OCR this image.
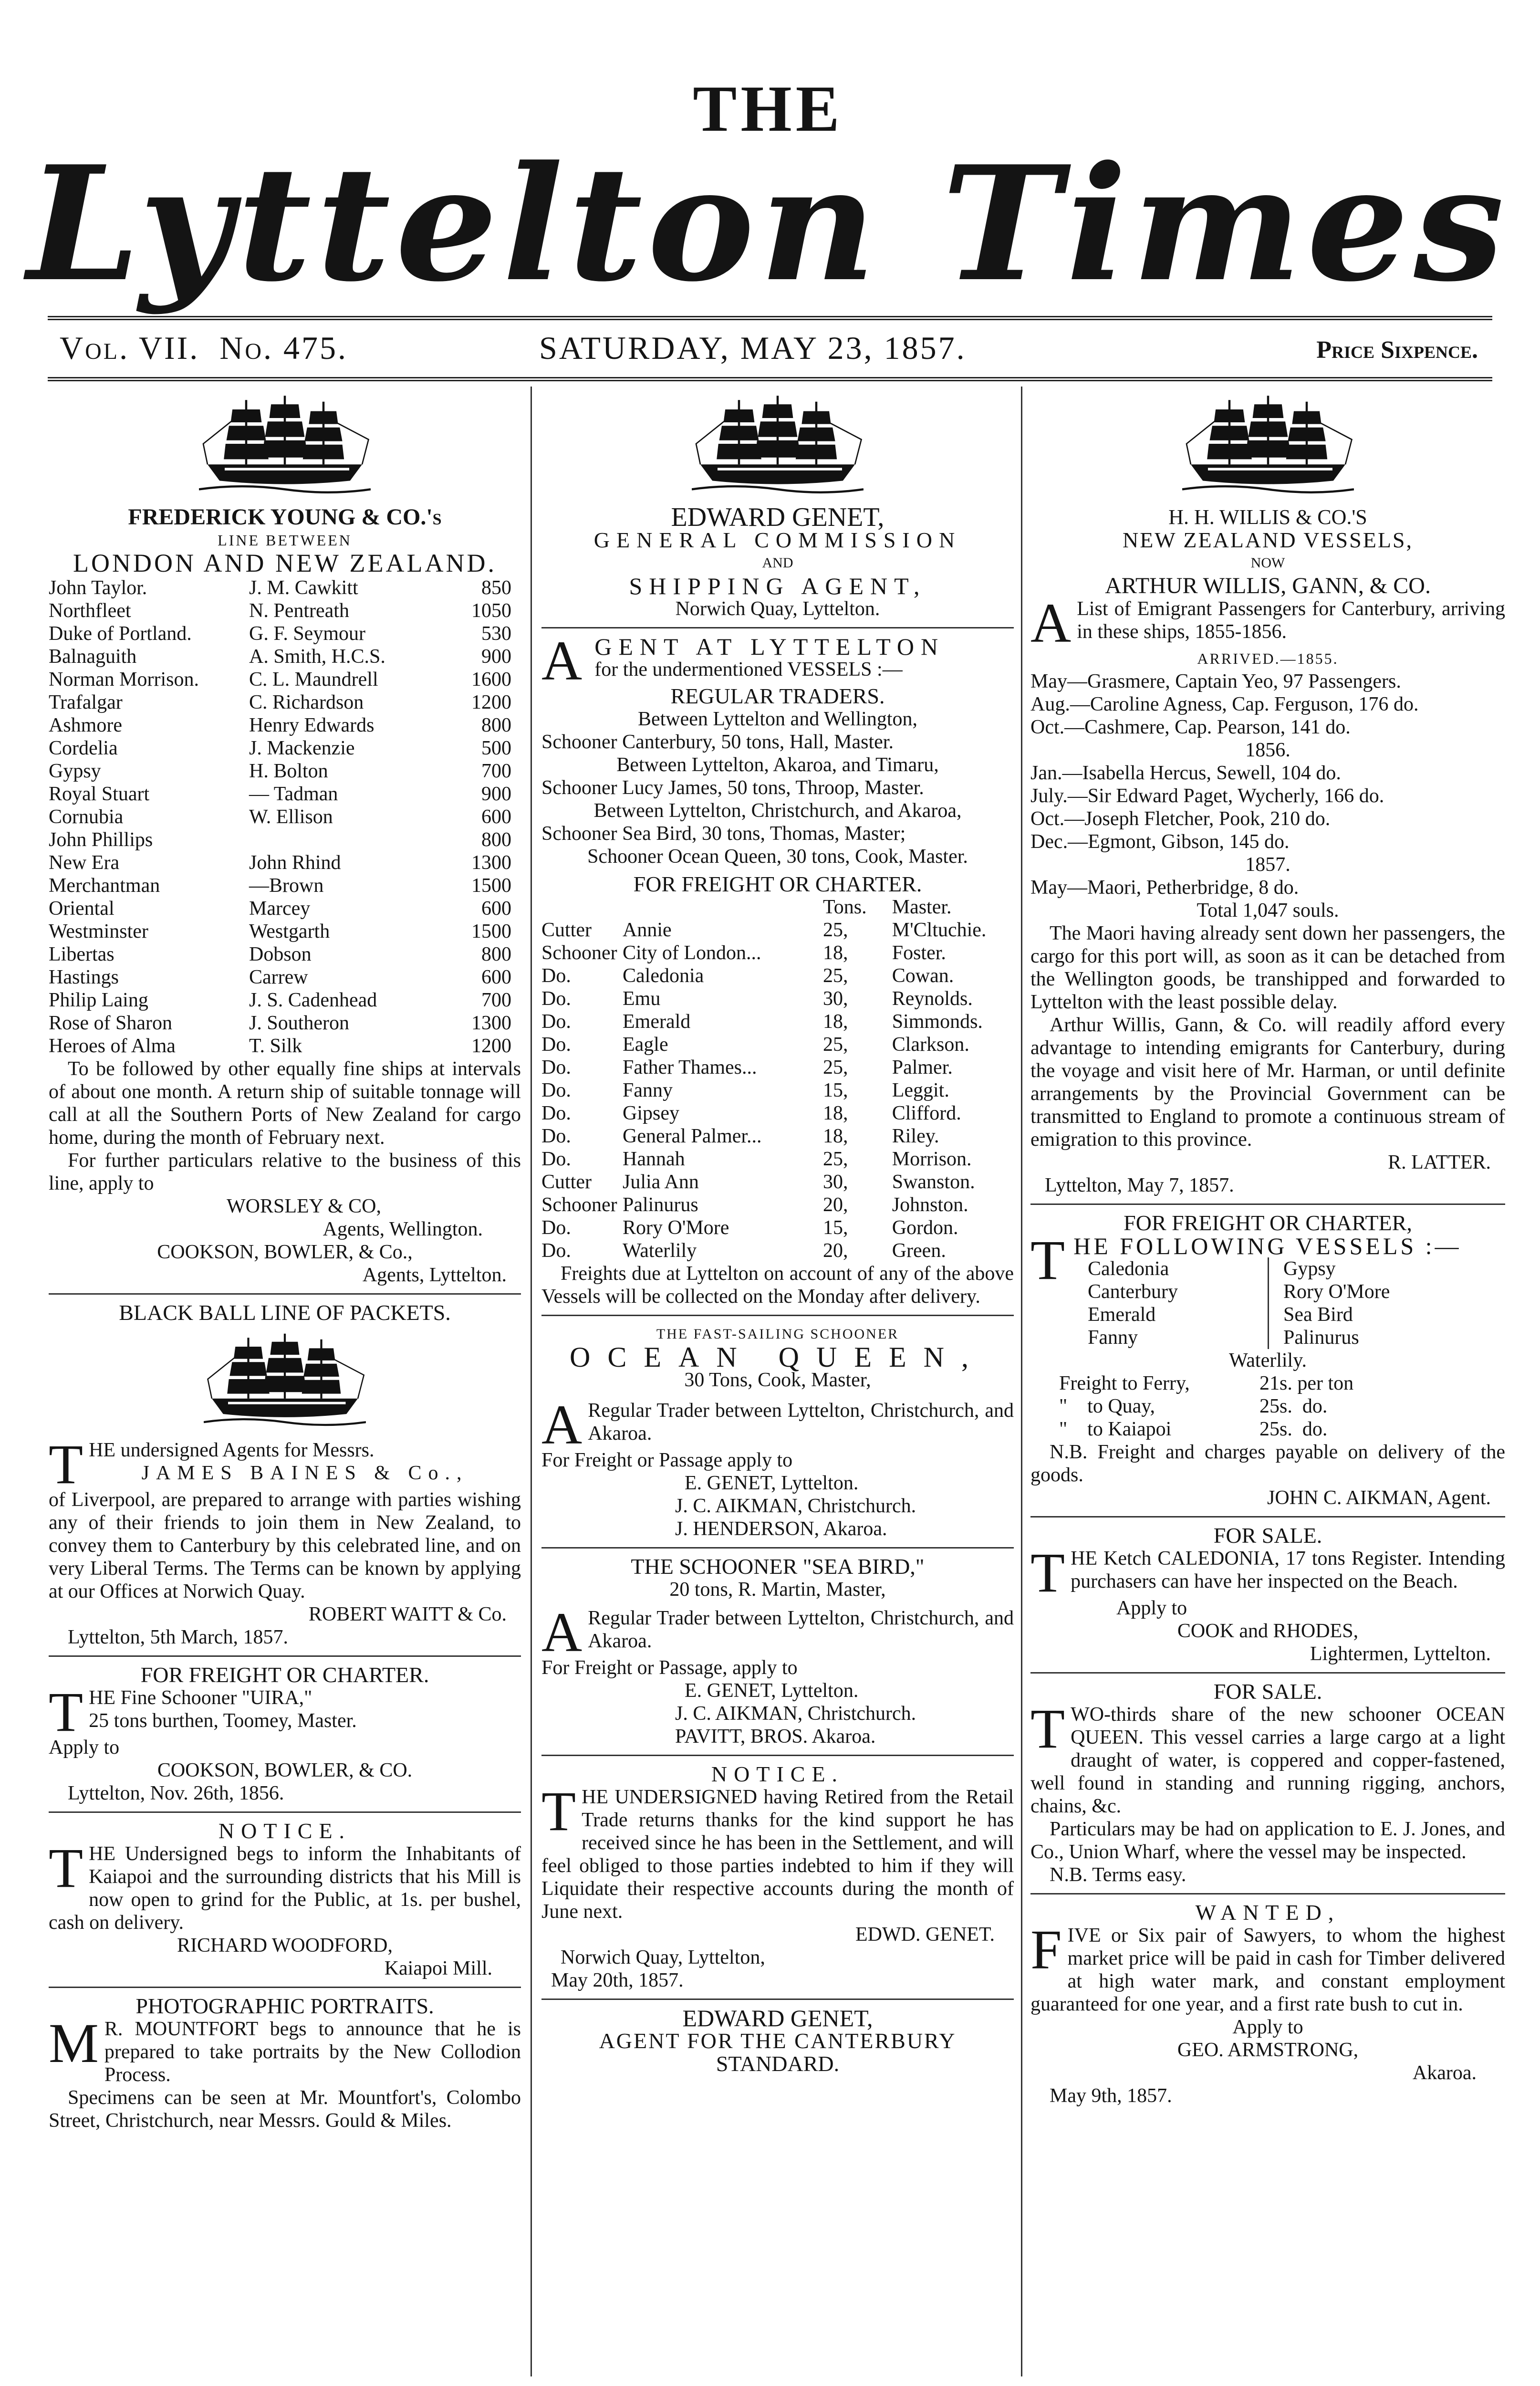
THE
Lyttelton Times
Vol. VII. No. 475.	SATURDAY, MAY 23, 1857.	Price Sixpence.

FREDERICK YOUNG & CO.'s

LINE BETWEEN

LONDON AND NEW ZEALAND.

John Taylor.	J. M. Cawkitt	850
Northfleet	N. Pentreath	1050
Duke of Portland.	G. F. Seymour	530
Balnaguith	A. Smith, H.C.S.	900
Norman Morrison.	C. L. Maundrell	1600
Trafalgar	C. Richardson	1200
Ashmore	Henry Edwards	800
Cordelia	J. Mackenzie	500
Gypsy	H. Bolton	700
Royal Stuart	— Tadman	900
Cornubia	W. Ellison	600
John Phillips		800
New Era	John Rhind	1300
Merchantman	—Brown	1500
Oriental	Marcey	600
Westminster	Westgarth	1500
Libertas	Dobson	800
Hastings	Carrew	600
Philip Laing	J. S. Cadenhead	700
Rose of Sharon	J. Southeron	1300
Heroes of Alma	T. Silk	1200

To be followed by other equally fine ships at intervals of about one month. A return ship of suitable tonnage will call at all the Southern Ports of New Zealand for cargo home, during the month of February next.

For further particulars relative to the business of this line, apply to

WORSLEY & CO,

Agents, Wellington.

COOKSON, BOWLER, & Co.,

Agents, Lyttelton.

BLACK BALL LINE OF PACKETS.

THE undersigned Agents for Messrs.

JAMES BAINES & Co.,

of Liverpool, are prepared to arrange with parties wishing any of their friends to join them in New Zealand, to convey them to Canterbury by this celebrated line, and on very Liberal Terms. The Terms can be known by applying at our Offices at Norwich Quay.

ROBERT WAITT & Co.

Lyttelton, 5th March, 1857.

FOR FREIGHT OR CHARTER.

THE Fine Schooner "UIRA,"

25 tons burthen, Toomey, Master.

Apply to

COOKSON, BOWLER, & CO.

Lyttelton, Nov. 26th, 1856.

NOTICE.

THE Undersigned begs to inform the Inhabitants of Kaiapoi and the surrounding districts that his Mill is now open to grind for the Public, at 1s. per bushel, cash on delivery.

RICHARD WOODFORD,

Kaiapoi Mill.

PHOTOGRAPHIC PORTRAITS.

M R. MOUNTFORT begs to announce that he is prepared to take portraits by the New Collodion Process.

Specimens can be seen at Mr. Mountfort's, Colombo Street, Christchurch, near Messrs. Gould & Miles.

EDWARD GENET,

GENERAL COMMISSION

AND

SHIPPING AGENT,

Norwich Quay, Lyttelton.

AGENT AT LYTTELTON

for the undermentioned VESSELS :—

REGULAR TRADERS.

Between Lyttelton and Wellington,

Schooner Canterbury, 50 tons, Hall, Master.

Between Lyttelton, Akaroa, and Timaru,

Schooner Lucy James, 50 tons, Throop, Master.

Between Lyttelton, Christchurch, and Akaroa,

Schooner Sea Bird, 30 tons, Thomas, Master;

Schooner Ocean Queen, 30 tons, Cook, Master.

FOR FREIGHT OR CHARTER.

		Tons.	Master.
Cutter	Annie	25,	M'Cltuchie.
Schooner	City of London...	18,	Foster.
Do.	Caledonia	25,	Cowan.
Do.	Emu	30,	Reynolds.
Do.	Emerald	18,	Simmonds.
Do.	Eagle	25,	Clarkson.
Do.	Father Thames...	25,	Palmer.
Do.	Fanny	15,	Leggit.
Do.	Gipsey	18,	Clifford.
Do.	General Palmer...	18,	Riley.
Do.	Hannah	25,	Morrison.
Cutter	Julia Ann	30,	Swanston.
Schooner	Palinurus	20,	Johnston.
Do.	Rory O'More	15,	Gordon.
Do.	Waterlily	20,	Green.

Freights due at Lyttelton on account of any of the above Vessels will be collected on the Monday after delivery.

THE FAST-SAILING SCHOONER

OCEAN QUEEN,

30 Tons, Cook, Master,

A Regular Trader between Lyttelton, Christchurch, and Akaroa.

For Freight or Passage apply to

E. GENET, Lyttelton.

J. C. AIKMAN, Christchurch.

J. HENDERSON, Akaroa.

THE SCHOONER "SEA BIRD,"

20 tons, R. Martin, Master,

A Regular Trader between Lyttelton, Christchurch, and Akaroa.

For Freight or Passage, apply to

E. GENET, Lyttelton.

J. C. AIKMAN, Christchurch.

PAVITT, BROS. Akaroa.

NOTICE.

THE UNDERSIGNED having Retired from the Retail Trade returns thanks for the kind support he has received since he has been in the Settlement, and will feel obliged to those parties indebted to him if they will Liquidate their respective accounts during the month of June next.

EDWD. GENET.

Norwich Quay, Lyttelton,

May 20th, 1857.

EDWARD GENET,

AGENT FOR THE CANTERBURY

STANDARD.

H. H. WILLIS & CO.'S

NEW ZEALAND VESSELS,

NOW

ARTHUR WILLIS, GANN, & CO.

A List of Emigrant Passengers for Canterbury, arriving in these ships, 1855-1856.

ARRIVED.—1855.

May—Grasmere, Captain Yeo, 97 Passengers.

Aug.—Caroline Agness, Cap. Ferguson, 176 do.

Oct.—Cashmere, Cap. Pearson, 141 do.

1856.

Jan.—Isabella Hercus, Sewell, 104 do.

July.—Sir Edward Paget, Wycherly, 166 do.

Oct.—Joseph Fletcher, Pook, 210 do.

Dec.—Egmont, Gibson, 145 do.

1857.

May—Maori, Petherbridge, 8 do.

Total 1,047 souls.

The Maori having already sent down her passengers, the cargo for this port will, as soon as it can be detached from the Wellington goods, be transhipped and forwarded to Lyttelton with the least possible delay.

Arthur Willis, Gann, & Co. will readily afford every advantage to intending emigrants for Canterbury, during the voyage and visit here of Mr. Harman, or until definite arrangements by the Provincial Government can be transmitted to England to promote a continuous stream of emigration to this province.

R. LATTER.

Lyttelton, May 7, 1857.

FOR FREIGHT OR CHARTER,

THE FOLLOWING VESSELS :—

Caledonia

Canterbury

Emerald

Fanny

Gypsy

Rory O'More

Sea Bird

Palinurus

Waterlily.

Freight to Ferry,	21s. per ton
"    to Quay,	25s.  do.
"    to Kaiapoi	25s.  do.

N.B. Freight and charges payable on delivery of the goods.

JOHN C. AIKMAN, Agent.

FOR SALE.

THE Ketch CALEDONIA, 17 tons Register. Intending purchasers can have her inspected on the Beach.

Apply to

COOK and RHODES,

Lightermen, Lyttelton.

FOR SALE.

TWO-thirds share of the new schooner OCEAN QUEEN. This vessel carries a large cargo at a light draught of water, is coppered and copper-fastened, well found in standing and running rigging, anchors, chains, &c.

Particulars may be had on application to E. J. Jones, and Co., Union Wharf, where the vessel may be inspected.

N.B. Terms easy.

WANTED,

FIVE or Six pair of Sawyers, to whom the highest market price will be paid in cash for Timber delivered at high water mark, and constant employment guaranteed for one year, and a first rate bush to cut in.

Apply to

GEO. ARMSTRONG,

Akaroa.

May 9th, 1857.
